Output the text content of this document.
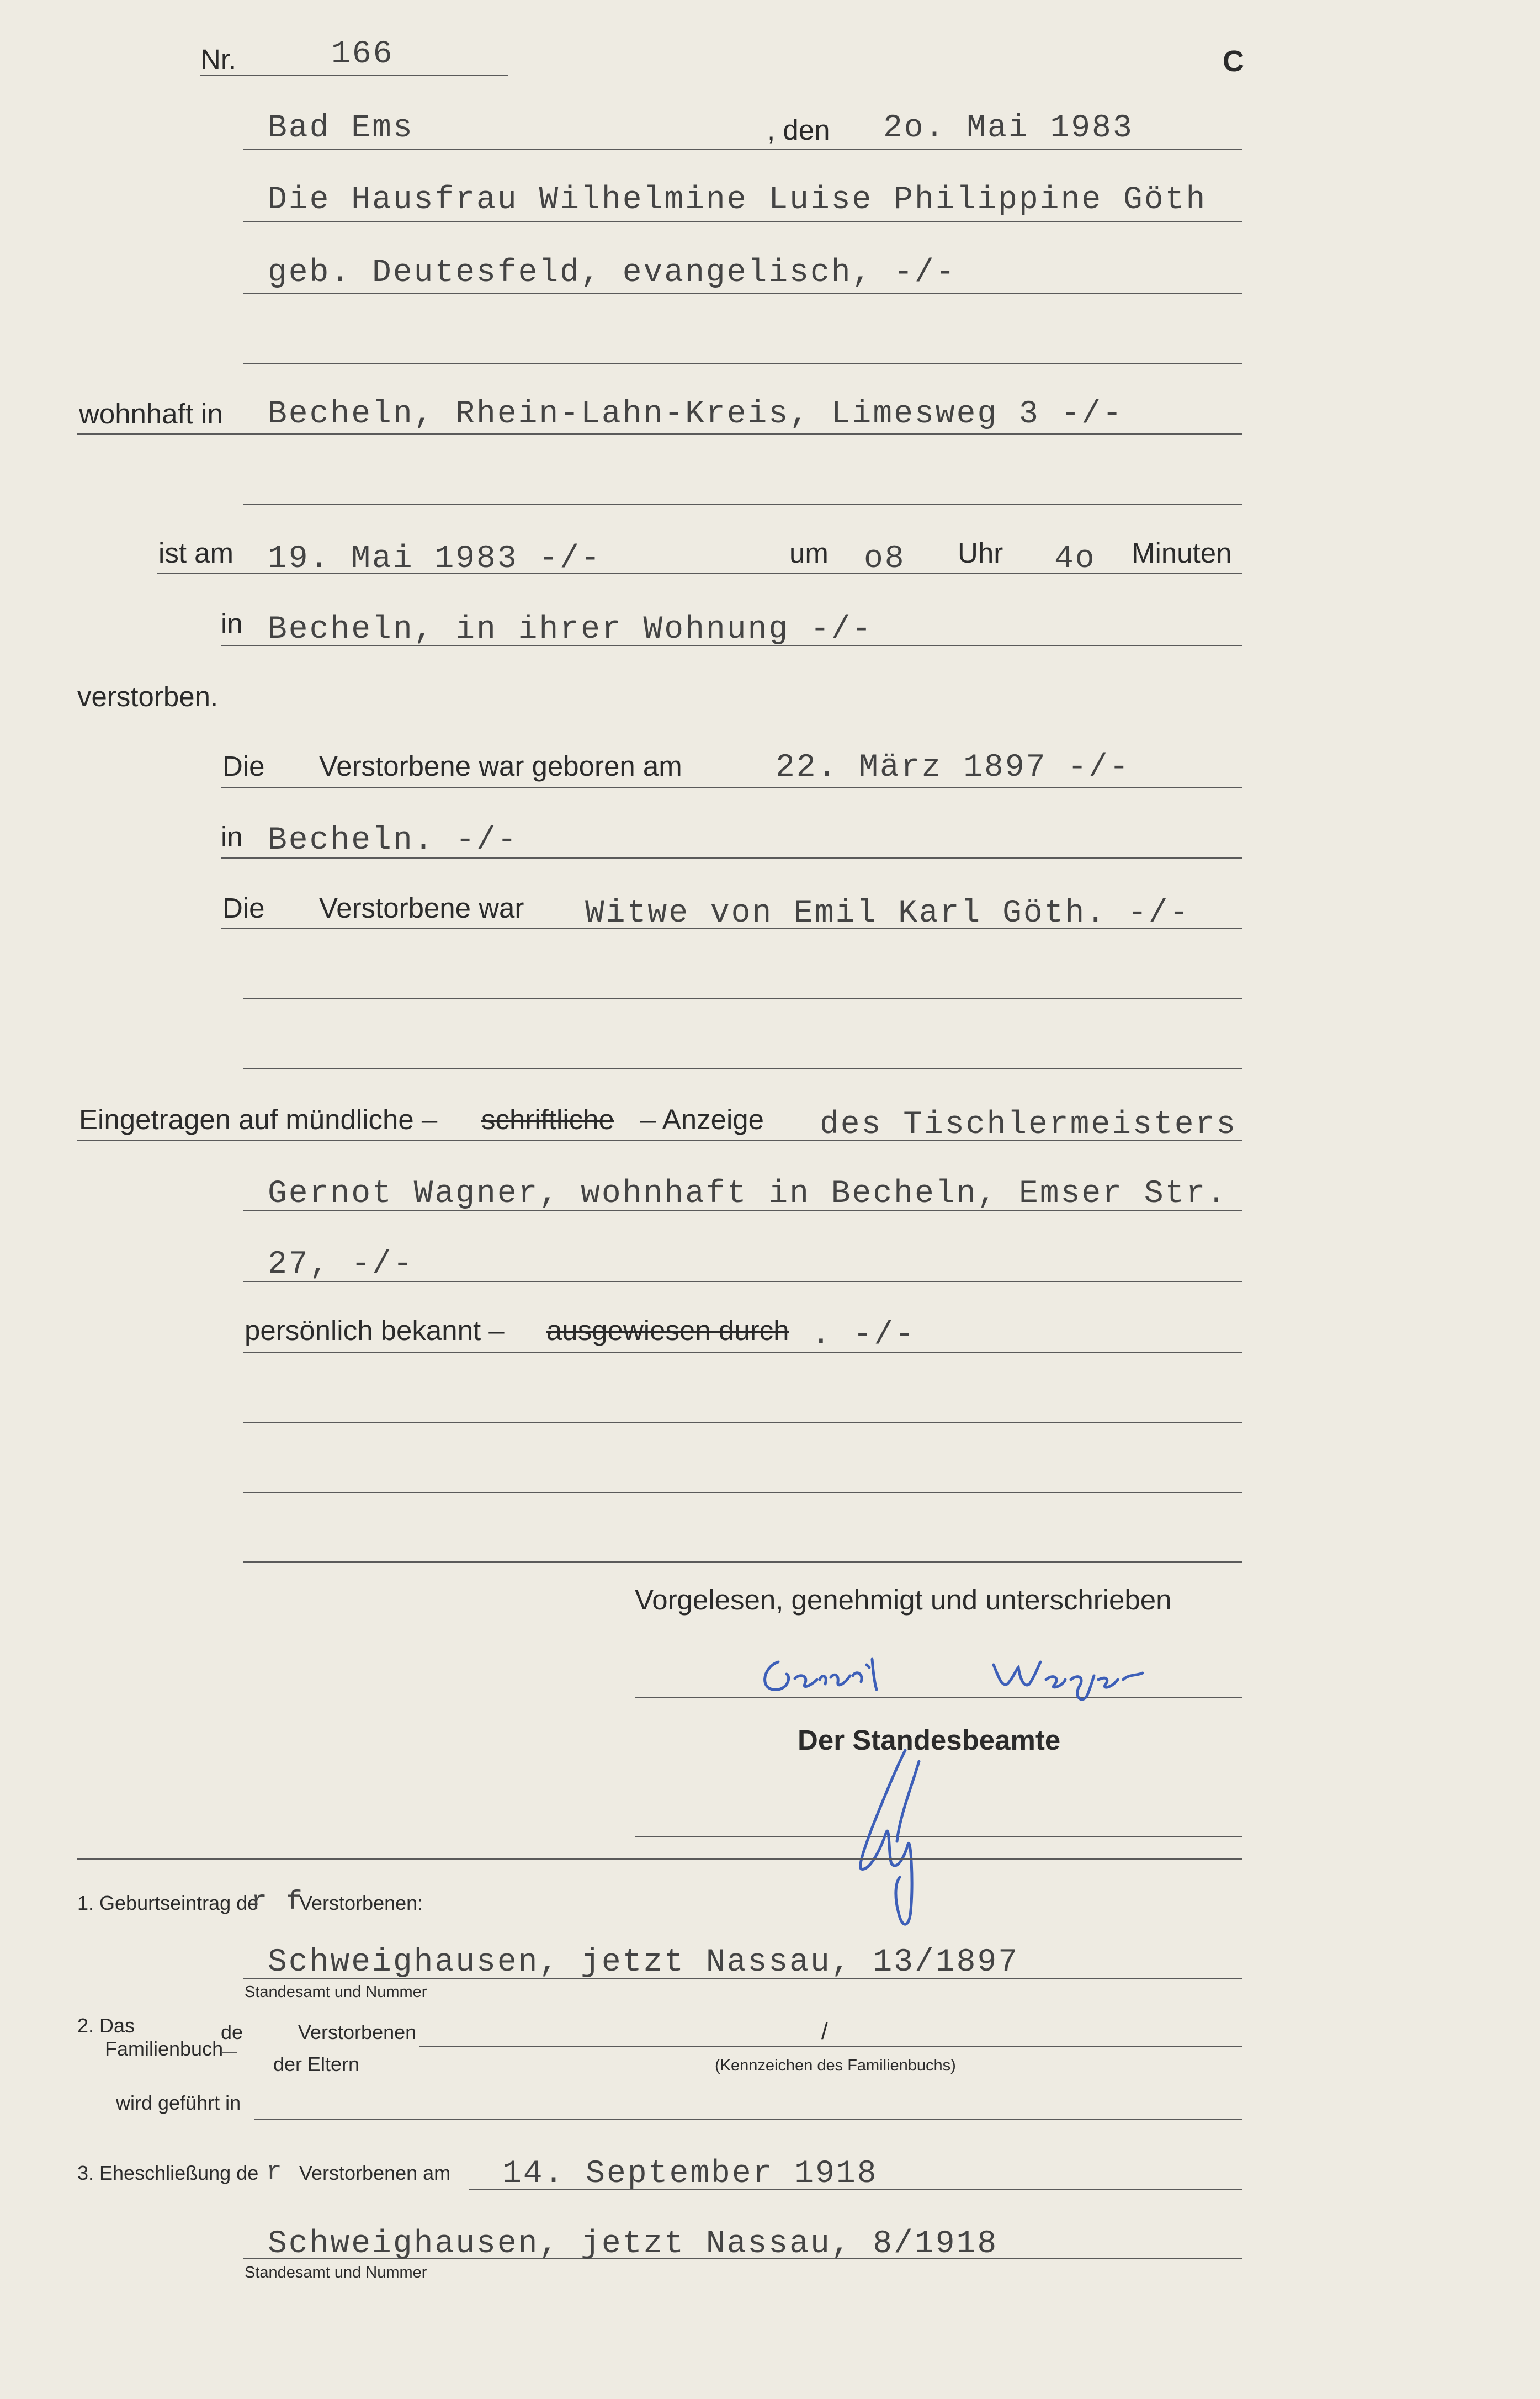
Nr.	166	C
Bad Ems	, den 2o. Mai 1983
Die Hausfrau Wilhelmine Luise Philippine Göth
geb. Deutesfeld, evangelisch, -/-
wohnhaft in Becheln, Rhein-Lahn-Kreis, Limesweg 3 -/-
ist am 19. Mai 1983 -/-	um o8 Uhr 4o Minuten
in Becheln, in ihrer Wohnung -/-
verstorben.
Die Verstorbene war geboren am	22. März 1897 -/-
in Becheln. -/-
Die Verstorbene war Witwe von Emil Karl Göth. -/-
Eingetragen auf mündliche – schriftliche – Anzeige des Tischlermeisters
Gernot Wagner, wohnhaft in Becheln, Emser Str.
27, -/-
persönlich bekannt – ausgewiesen durch . -/-
Vorgelesen, genehmigt und unterschrieben
Der Standesbeamte
1. Geburtseintrag de
r f
Verstorbenen:
Schweighausen, jetzt Nassau, 13/1897
Standesamt und Nummer
2. Das
Familienbuch
de	Verstorbenen	/
der Eltern	(Kennzeichen des Familienbuchs)
wird geführt in
3. Eheschließung de r Verstorbenen am 14. September 1918
Schweighausen, jetzt Nassau, 8/1918
Standesamt und Nummer
